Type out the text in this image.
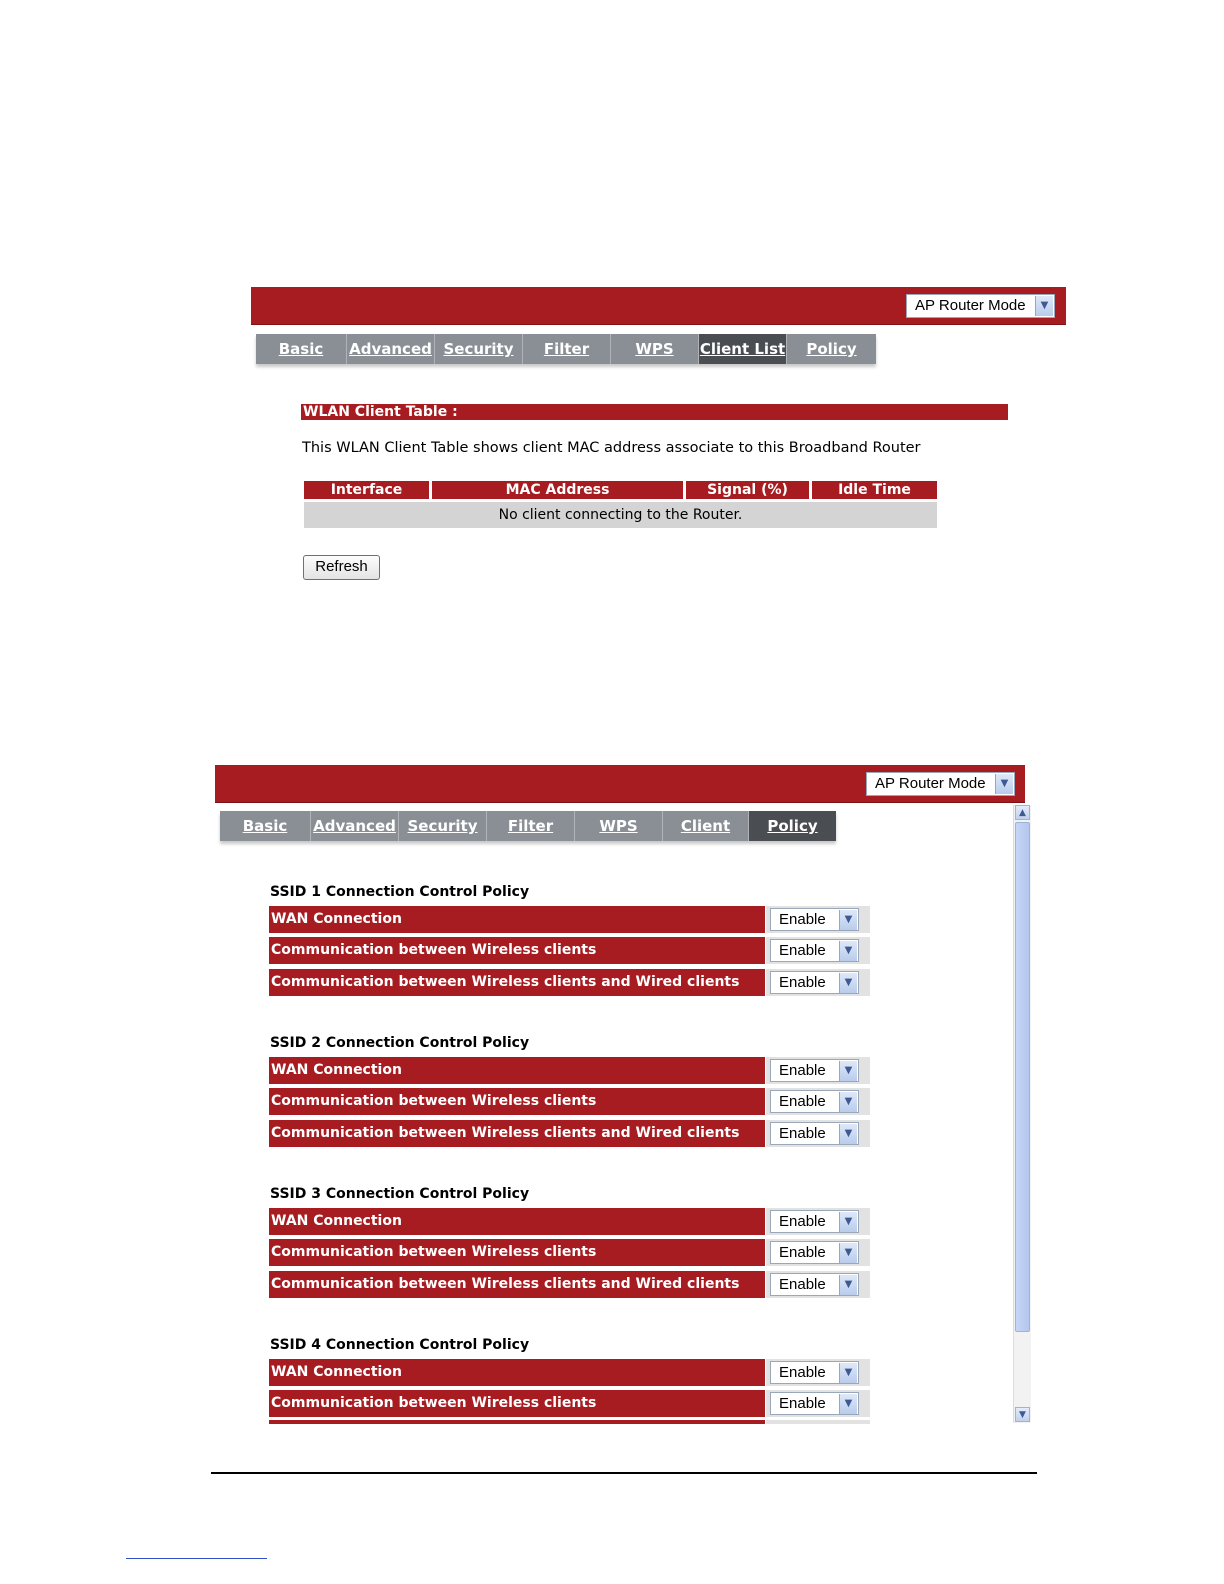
AP Router Mode	▼
Basic	Advanced Security	Filter	WPS	Client List	Policy
WLAN Client Table :
This WLAN Client Table shows client MAC address associate to this Broadband Router
Interface	MAC Address	Signal (%)	Idle Time
No client connecting to the Router.
Refresh
AP Router Mode	▼
Basic	Advanced Security	Filter	WPS	Client List
Policy
SSID 1 Connection Control Policy
WAN Connection	Enable	▼
Communication between Wireless clients	Enable	▼
Communication between Wireless clients and Wired clients	Enable	▼
SSID 2 Connection Control Policy
WAN Connection	Enable	▼
Communication between Wireless clients	Enable	▼
Communication between Wireless clients and Wired clients	Enable	▼
SSID 3 Connection Control Policy
WAN Connection	Enable	▼
Communication between Wireless clients	Enable	▼
Communication between Wireless clients and Wired clients	Enable	▼
SSID 4 Connection Control Policy
WAN Connection	Enable	▼
Communication between Wireless clients	Enable	▼
▲
▼
